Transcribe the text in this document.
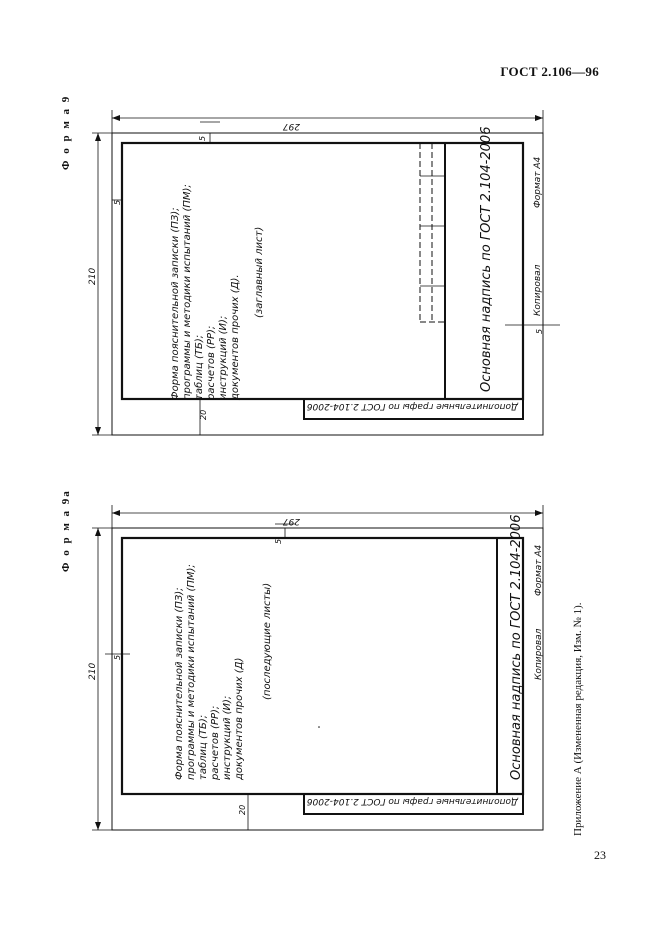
ГОСТ 2.106—96
Ф о р м а 9
Ф о р м а 9а
Приложение А (Измененная редакция, Изм. № 1).
23
210
297
5
5
5
20
Форма пояснительной записки (ПЗ); программы и методики испытаний (ПМ); таблиц (ТБ); расчетов (РР); инструкций (И); документов прочих (Д).
(заглавный лист)	Основная надпись по ГОСТ 2.104-2006	Копировал
Формат А4
Дополнительные графы по ГОСТ 2.104-2006
210
297
5
5
20
Форма пояснительной записки (ПЗ); программы и методики испытаний (ПМ); таблиц (ТБ); расчетов (РР); инструкций (И); документов прочих (Д)
(последующие листы)	Основная надпись по ГОСТ 2.104-2006 Копировал
Формат А4
Дополнительные графы по ГОСТ 2.104-2006
